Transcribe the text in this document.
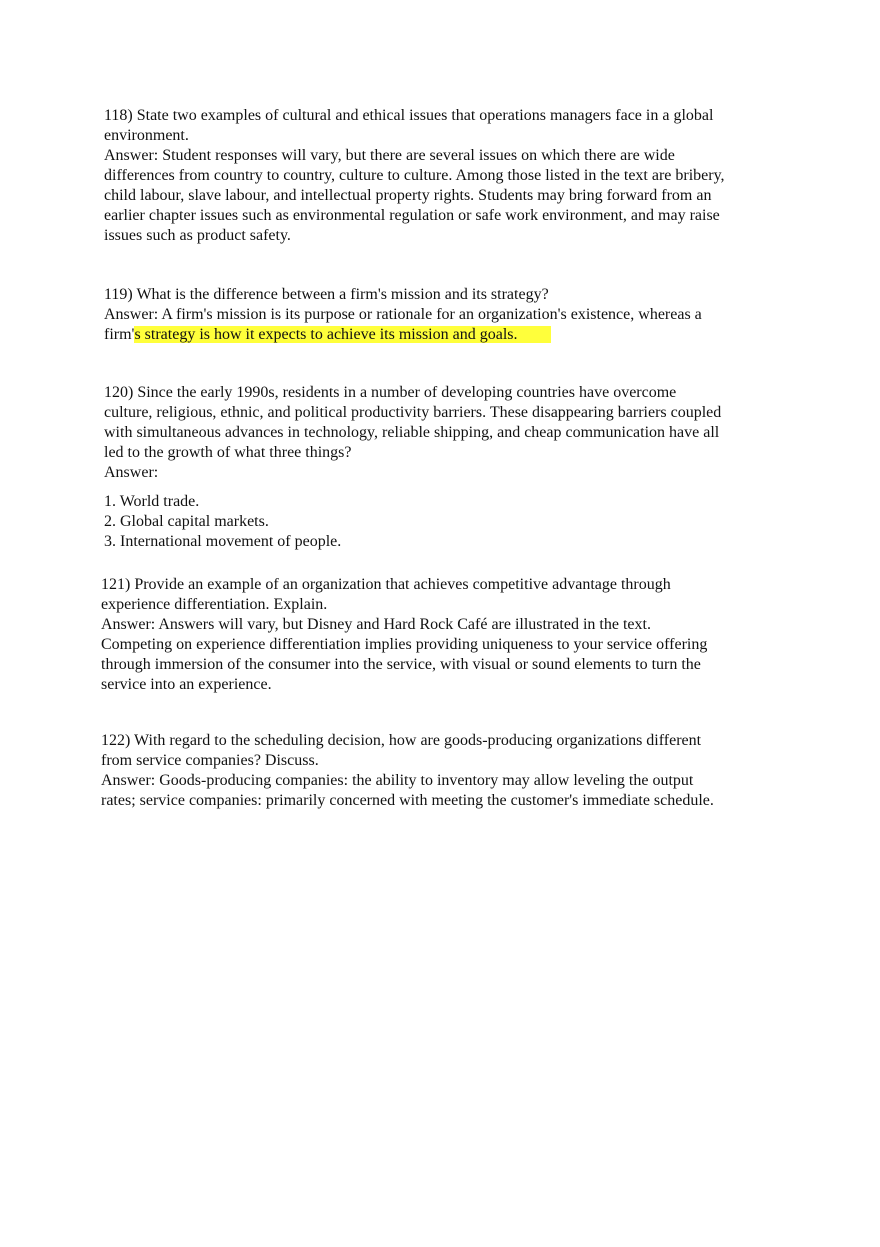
118) State two examples of cultural and ethical issues that operations managers face in a global
environment.
Answer: Student responses will vary, but there are several issues on which there are wide
differences from country to country, culture to culture. Among those listed in the text are bribery,
child labour, slave labour, and intellectual property rights. Students may bring forward from an
earlier chapter issues such as environmental regulation or safe work environment, and may raise
issues such as product safety.
119) What is the difference between a firm's mission and its strategy?
Answer: A firm's mission is its purpose or rationale for an organization's existence, whereas a
firm's strategy is how it expects to achieve its mission and goals.
120) Since the early 1990s, residents in a number of developing countries have overcome
culture, religious, ethnic, and political productivity barriers. These disappearing barriers coupled
with simultaneous advances in technology, reliable shipping, and cheap communication have all
led to the growth of what three things?
Answer:
1. World trade.
2. Global capital markets.
3. International movement of people.
121) Provide an example of an organization that achieves competitive advantage through
experience differentiation. Explain.
Answer: Answers will vary, but Disney and Hard Rock Café are illustrated in the text.
Competing on experience differentiation implies providing uniqueness to your service offering
through immersion of the consumer into the service, with visual or sound elements to turn the
service into an experience.
122) With regard to the scheduling decision, how are goods-producing organizations different
from service companies? Discuss.
Answer: Goods-producing companies: the ability to inventory may allow leveling the output
rates; service companies: primarily concerned with meeting the customer's immediate schedule.
